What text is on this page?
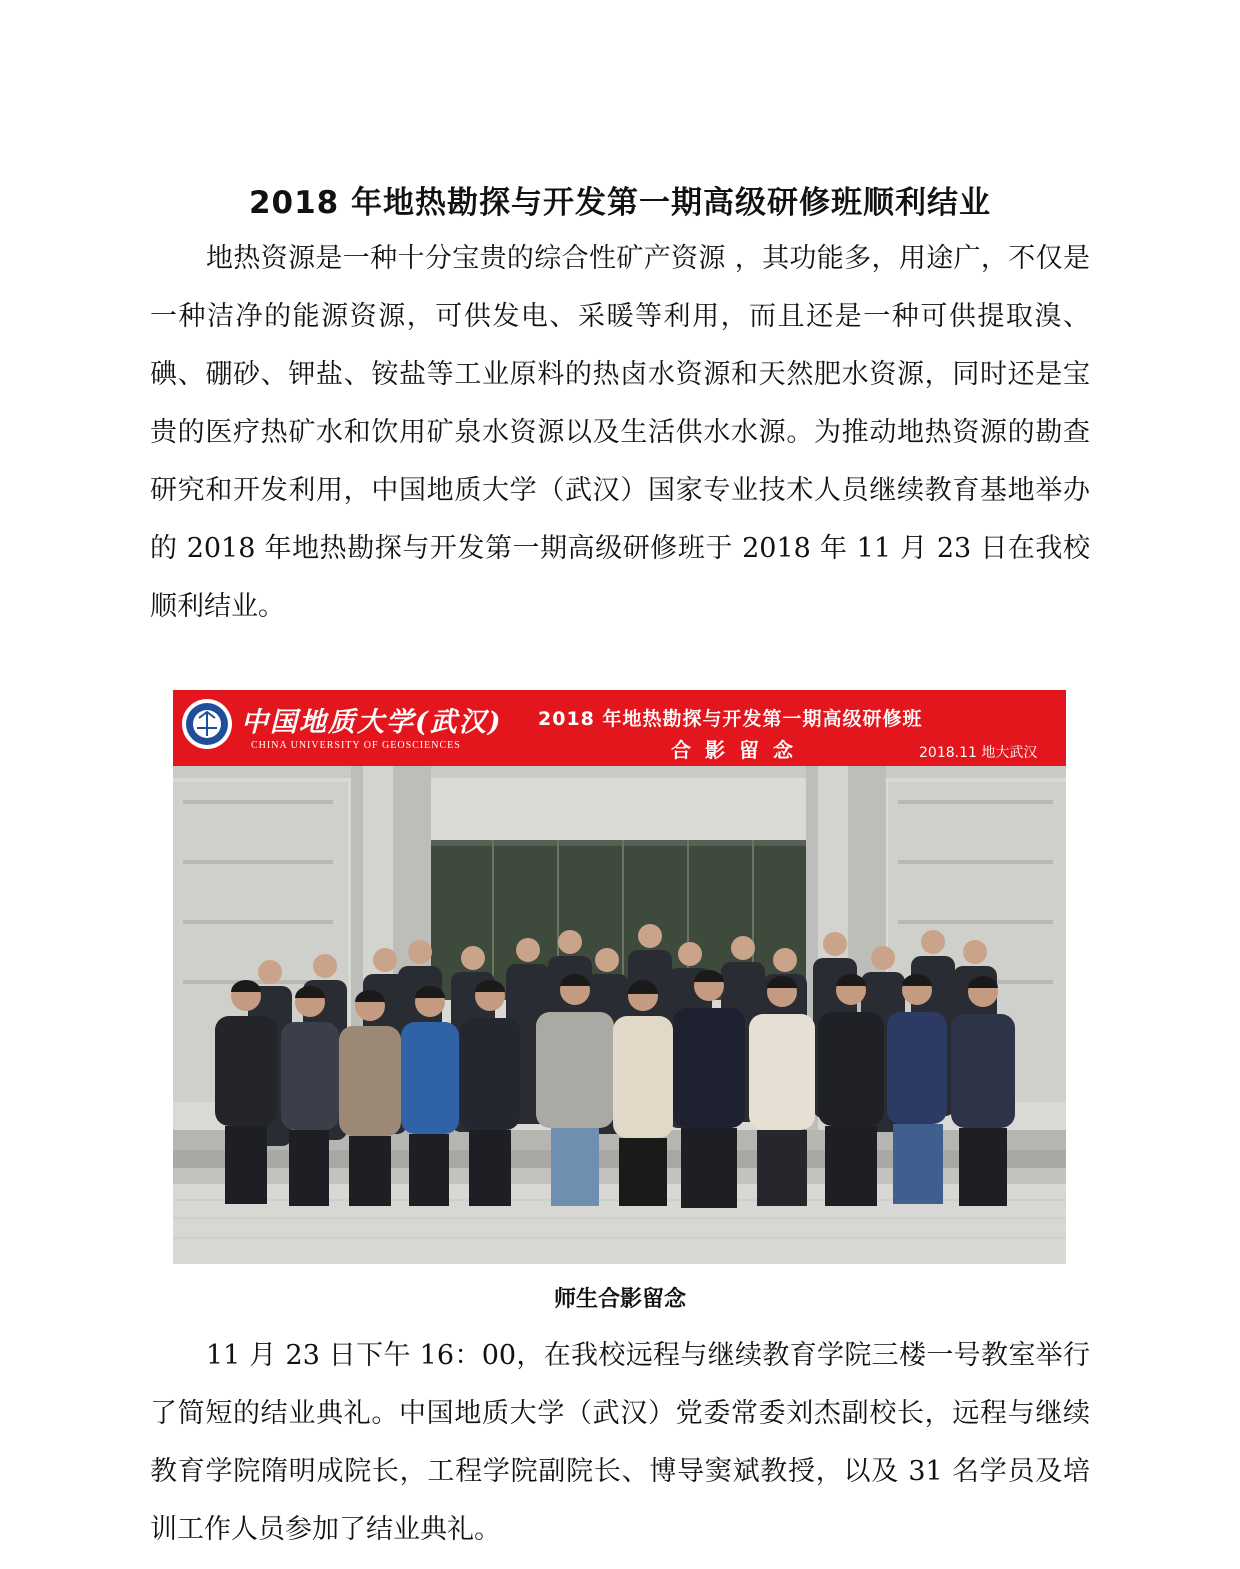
2018 年地热勘探与开发第一期高级研修班顺利结业

地热资源是一种十分宝贵的综合性矿产资源 ，其功能多，用途广，不仅是一种洁净的能源资源，可供发电、采暖等利用，而且还是一种可供提取溴、碘、硼砂、钾盐、铵盐等工业原料的热卤水资源和天然肥水资源，同时还是宝贵的医疗热矿水和饮用矿泉水资源以及生活供水水源。为推动地热资源的勘查研究和开发利用，中国地质大学（武汉）国家专业技术人员继续教育基地举办的 2018 年地热勘探与开发第一期高级研修班于 2018 年 11 月 23 日在我校顺利结业。

中国地质大学(武汉)
CHINA UNIVERSITY OF GEOSCIENCES
2018 年地热勘探与开发第一期高级研修班
合影留念	2018.11 地大武汉
师生合影留念

11 月 23 日下午 16：00，在我校远程与继续教育学院三楼一号教室举行了简短的结业典礼。中国地质大学（武汉）党委常委刘杰副校长，远程与继续教育学院隋明成院长，工程学院副院长、博导窦斌教授，以及 31 名学员及培训工作人员参加了结业典礼。
